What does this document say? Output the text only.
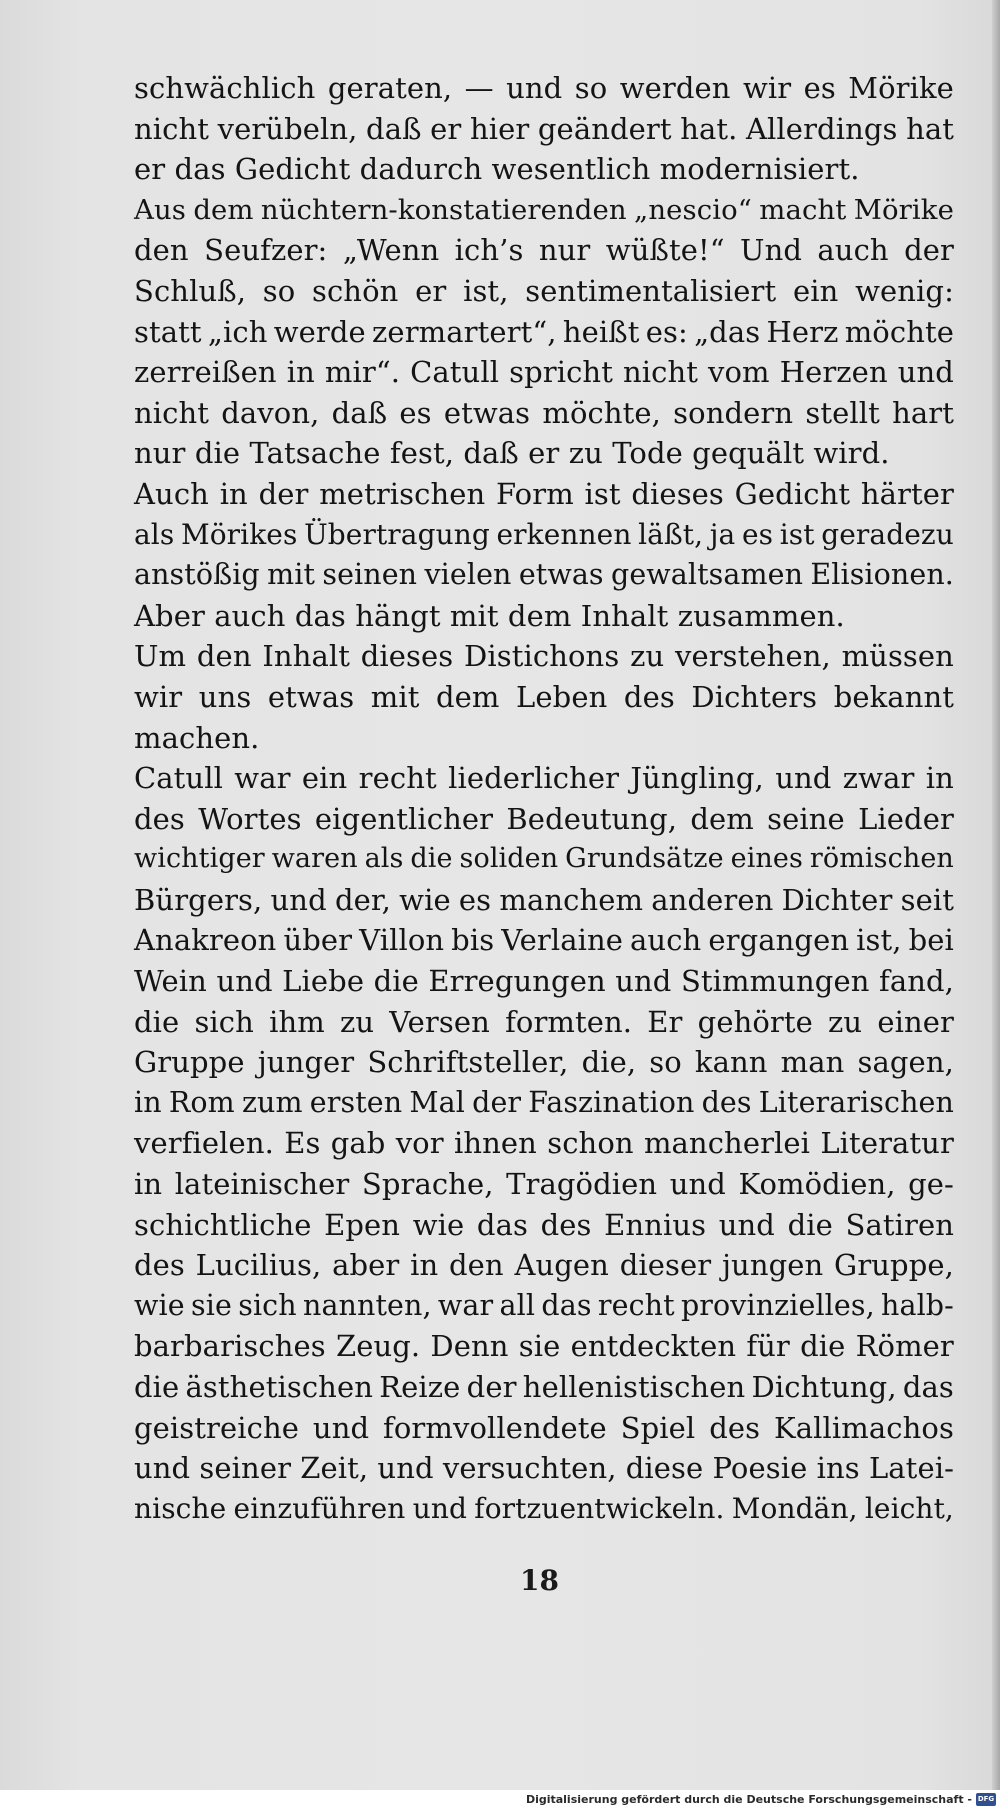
schwächlich geraten, — und so werden wir es Mörike
nicht verübeln, daß er hier geändert hat. Allerdings hat
er das Gedicht dadurch wesentlich modernisiert.
Aus dem nüchtern-konstatierenden „nescio“ macht Mörike
den Seufzer: „Wenn ich’s nur wüßte!“ Und auch der
Schluß, so schön er ist, sentimentalisiert ein wenig:
statt „ich werde zermartert“, heißt es: „das Herz möchte
zerreißen in mir“. Catull spricht nicht vom Herzen und
nicht davon, daß es etwas möchte, sondern stellt hart
nur die Tatsache fest, daß er zu Tode gequält wird.
Auch in der metrischen Form ist dieses Gedicht härter
als Mörikes Übertragung erkennen läßt, ja es ist geradezu
anstößig mit seinen vielen etwas gewaltsamen Elisionen.
Aber auch das hängt mit dem Inhalt zusammen.
Um den Inhalt dieses Distichons zu verstehen, müssen
wir uns etwas mit dem Leben des Dichters bekannt
machen.
Catull war ein recht liederlicher Jüngling, und zwar in
des Wortes eigentlicher Bedeutung, dem seine Lieder
wichtiger waren als die soliden Grundsätze eines römischen
Bürgers, und der, wie es manchem anderen Dichter seit
Anakreon über Villon bis Verlaine auch ergangen ist, bei
Wein und Liebe die Erregungen und Stimmungen fand,
die sich ihm zu Versen formten. Er gehörte zu einer
Gruppe junger Schriftsteller, die, so kann man sagen,
in Rom zum ersten Mal der Faszination des Literarischen
verfielen. Es gab vor ihnen schon mancherlei Literatur
in lateinischer Sprache, Tragödien und Komödien, ge-
schichtliche Epen wie das des Ennius und die Satiren
des Lucilius, aber in den Augen dieser jungen Gruppe,
wie sie sich nannten, war all das recht provinzielles, halb-
barbarisches Zeug. Denn sie entdeckten für die Römer
die ästhetischen Reize der hellenistischen Dichtung, das
geistreiche und formvollendete Spiel des Kallimachos
und seiner Zeit, und versuchten, diese Poesie ins Latei-
nische einzuführen und fortzuentwickeln. Mondän, leicht,
18
Digitalisierung gefördert durch die Deutsche Forschungsgemeinschaft - DFG
